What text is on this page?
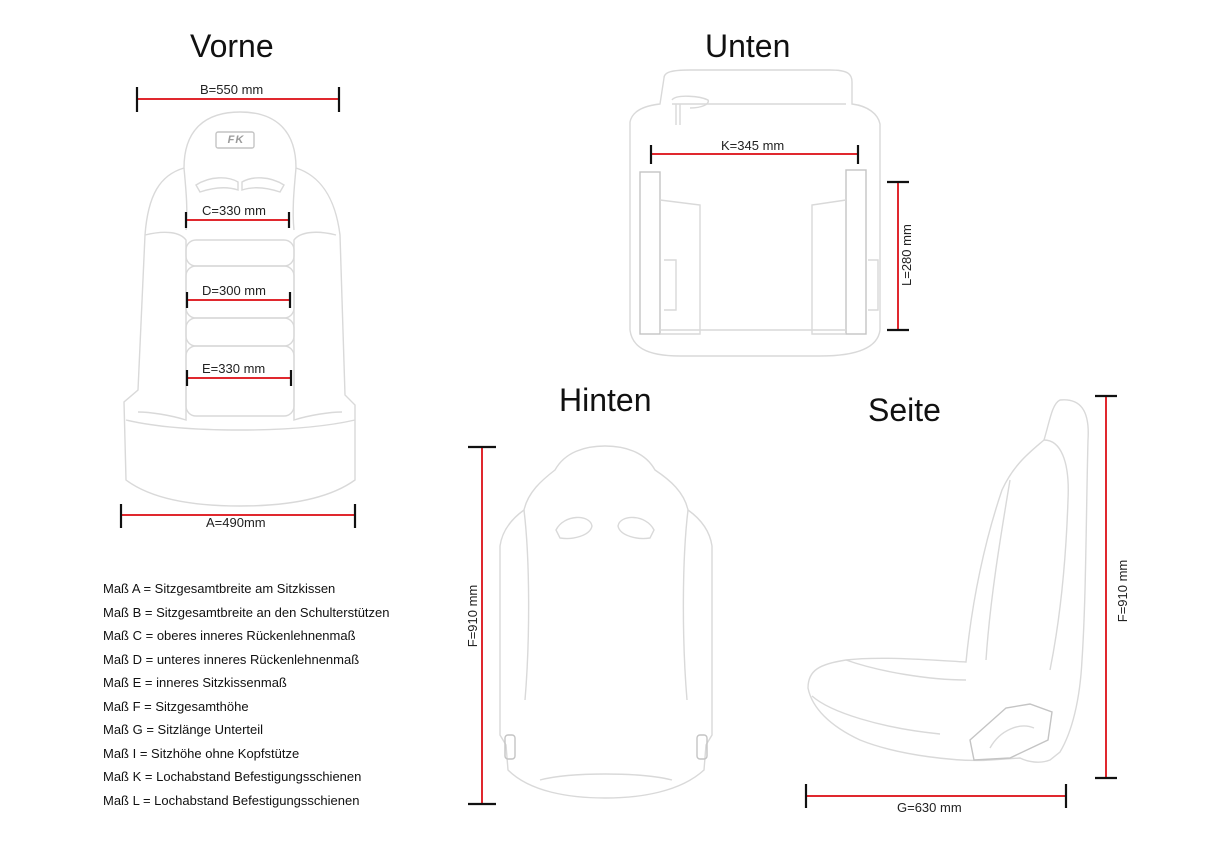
FK
Vorne	Unten
Hinten	Seite
B=550 mm
C=330 mm
D=300 mm
E=330 mm
A=490mm
K=345 mm
G=630 mm
L=280 mm
F=910 mm	F=910 mm
Maß A = Sitzgesamtbreite am Sitzkissen
Maß B = Sitzgesamtbreite an den Schulterstützen
Maß C = oberes inneres Rückenlehnenmaß
Maß D = unteres inneres Rückenlehnenmaß
Maß E = inneres Sitzkissenmaß
Maß F = Sitzgesamthöhe
Maß G = Sitzlänge Unterteil
Maß I = Sitzhöhe ohne Kopfstütze
Maß K = Lochabstand Befestigungsschienen
Maß L = Lochabstand Befestigungsschienen
